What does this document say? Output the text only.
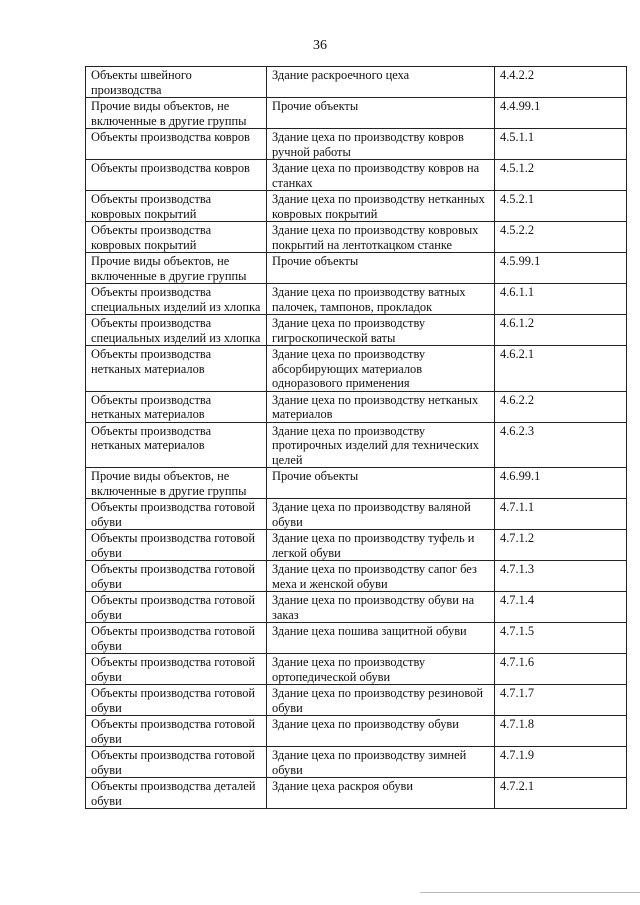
36
Объекты швейного производства	Здание раскроечного цеха	4.4.2.2
Прочие виды объектов, не включенные в другие группы	Прочие объекты	4.4.99.1
Объекты производства ковров	Здание цеха по производству ковров ручной работы	4.5.1.1
Объекты производства ковров	Здание цеха по производству ковров на станках	4.5.1.2
Объекты производства ковровых покрытий	Здание цеха по производству нетканных ковровых покрытий	4.5.2.1
Объекты производства ковровых покрытий	Здание цеха по производству ковровых покрытий на лентоткацком станке	4.5.2.2
Прочие виды объектов, не включенные в другие группы	Прочие объекты	4.5.99.1
Объекты производства специальных изделий из хлопка	Здание цеха по производству ватных палочек, тампонов, прокладок	4.6.1.1
Объекты производства специальных изделий из хлопка	Здание цеха по производству гигроскопической ваты	4.6.1.2
Объекты производства нетканых материалов	Здание цеха по производству абсорбирующих материалов одноразового применения	4.6.2.1
Объекты производства нетканых материалов	Здание цеха по производству нетканых материалов	4.6.2.2
Объекты производства нетканых материалов	Здание цеха по производству протирочных изделий для технических целей	4.6.2.3
Прочие виды объектов, не включенные в другие группы	Прочие объекты	4.6.99.1
Объекты производства готовой обуви	Здание цеха по производству валяной обуви	4.7.1.1
Объекты производства готовой обуви	Здание цеха по производству туфель и легкой обуви	4.7.1.2
Объекты производства готовой обуви	Здание цеха по производству сапог без меха и женской обуви	4.7.1.3
Объекты производства готовой обуви	Здание цеха по производству обуви на заказ	4.7.1.4
Объекты производства готовой обуви	Здание цеха пошива защитной обуви	4.7.1.5
Объекты производства готовой обуви	Здание цеха по производству ортопедической обуви	4.7.1.6
Объекты производства готовой обуви	Здание цеха по производству резиновой обуви	4.7.1.7
Объекты производства готовой обуви	Здание цеха по производству обуви	4.7.1.8
Объекты производства готовой обуви	Здание цеха по производству зимней обуви	4.7.1.9
Объекты производства деталей обуви	Здание цеха раскроя обуви	4.7.2.1
